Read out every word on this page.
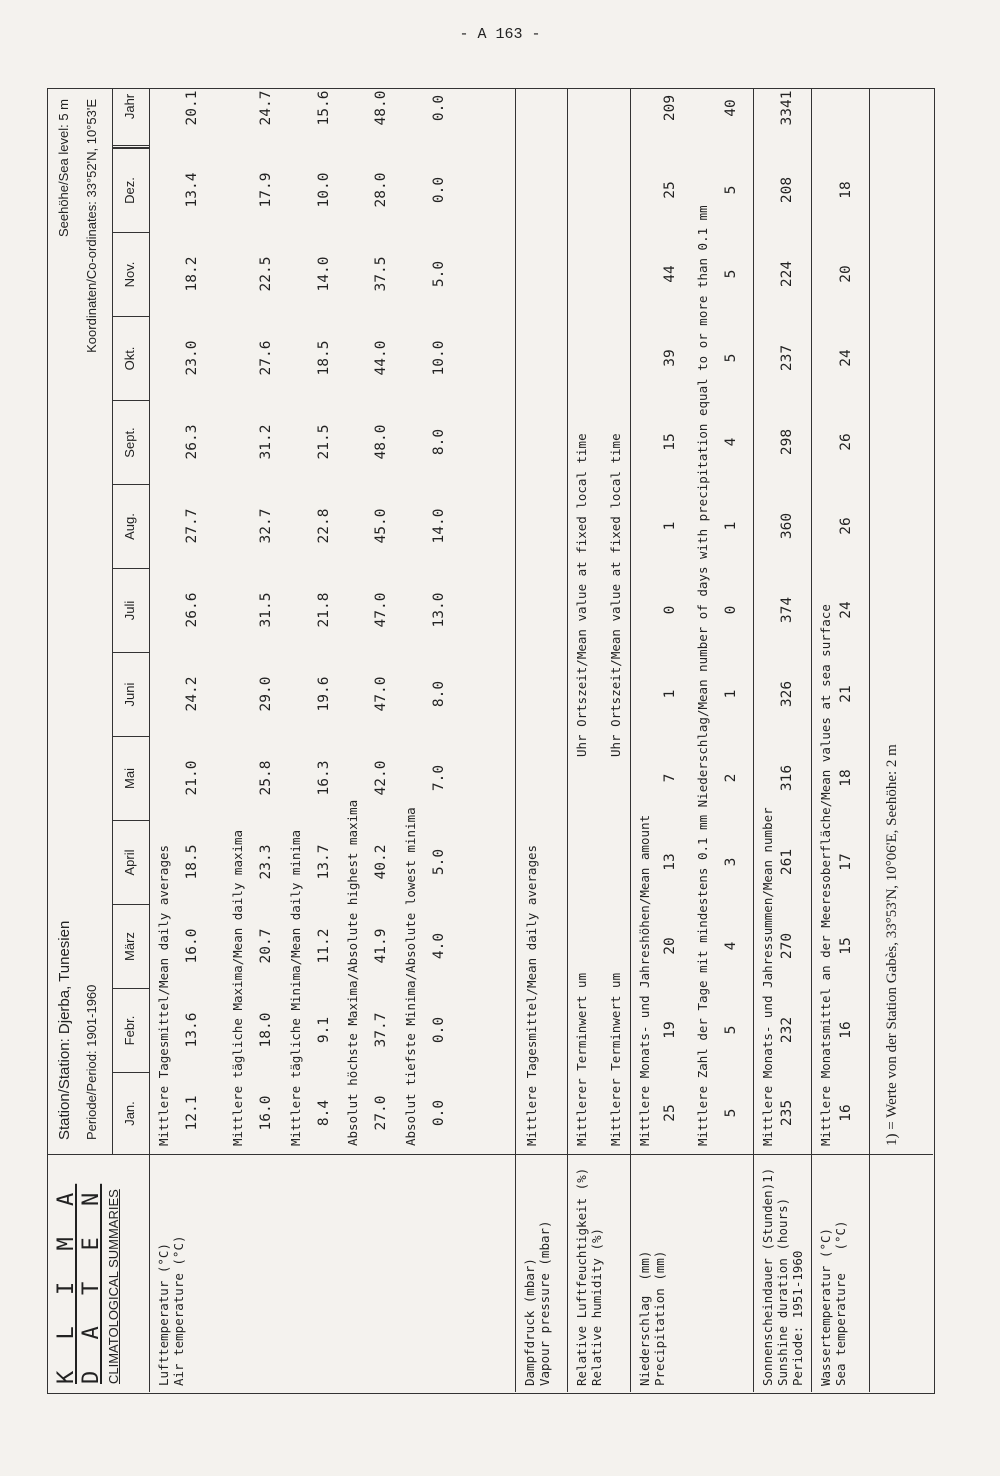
- A 163 -
K L I M A D A T E N CLIMATOLOGICAL SUMMARIES
Station/Station: Djerba, Tunesien Periode/Period: 1901-1960
Seehöhe/Sea level: 5 m Koordinaten/Co-ordinates: 33°52'N, 10°53'E
Jan.
Febr.
März
April
Mai
Juni
Juli
Aug.
Sept.
Okt.
Nov.
Dez.
Jahr
Lufttemperatur (°C)
Air temperature (°C)
Mittlere Tagesmittel/Mean daily averages 12.1
13.6
16.0
18.5
21.0
24.2
26.6
27.7
26.3
23.0
18.2
13.4
20.1
Mittlere tägliche Maxima/Mean daily maxima 16.0
18.0
20.7
23.3
25.8
29.0
31.5
32.7
31.2
27.6
22.5
17.9
24.7
Mittlere tägliche Minima/Mean daily minima 8.4
9.1
11.2
13.7
16.3
19.6
21.8
22.8
21.5
18.5
14.0
10.0
15.6
Absolut höchste Maxima/Absolute highest maxima 27.0
37.7
41.9
40.2
42.0
47.0
47.0
45.0
48.0
44.0
37.5
28.0
48.0
Absolut tiefste Minima/Absolute lowest minima 0.0
0.0
4.0
5.0
7.0
8.0
13.0
14.0
8.0
10.0
5.0
0.0
0.0
Dampfdruck (mbar)
Vapour pressure (mbar)
Mittlere Tagesmittel/Mean daily averages
Relative Luftfeuchtigkeit (%)
Relative humidity (%)
Mittlerer Terminwert um
Uhr Ortszeit/Mean value at fixed local time
Mittlerer Terminwert um
Uhr Ortszeit/Mean value at fixed local time
Niederschlag  (mm)
Precipitation (mm)
Mittlere Monats- und Jahreshöhen/Mean amount	Mittlere Zahl der Tage mit mindestens 0.1 mm Niederschlag/Mean number of days with precipitation equal to or more than 0.1 mm
Sonnenscheindauer (Stunden)1)
Sunshine duration (hours)
Periode: 1951-1960
Mittlere Monats- und Jahressummen/Mean number
Wassertemperatur (°C)
Sea temperature   (°C)
Mittlere Monatsmittel an der Meeresoberfläche/Mean values at sea surface
25
19
20
13
7
1
0
1
15
39
44
25
209
5
5
4
3
2
1
0
1
4
5
5
5
40
235
232
270
261
316
326
374
360
298
237
224
208
3341
16
16
15
17
18
21
24
26
26
24
20
18
1) = Werte von der Station Gabès, 33°53'N, 10°06'E, Seehöhe: 2 m
